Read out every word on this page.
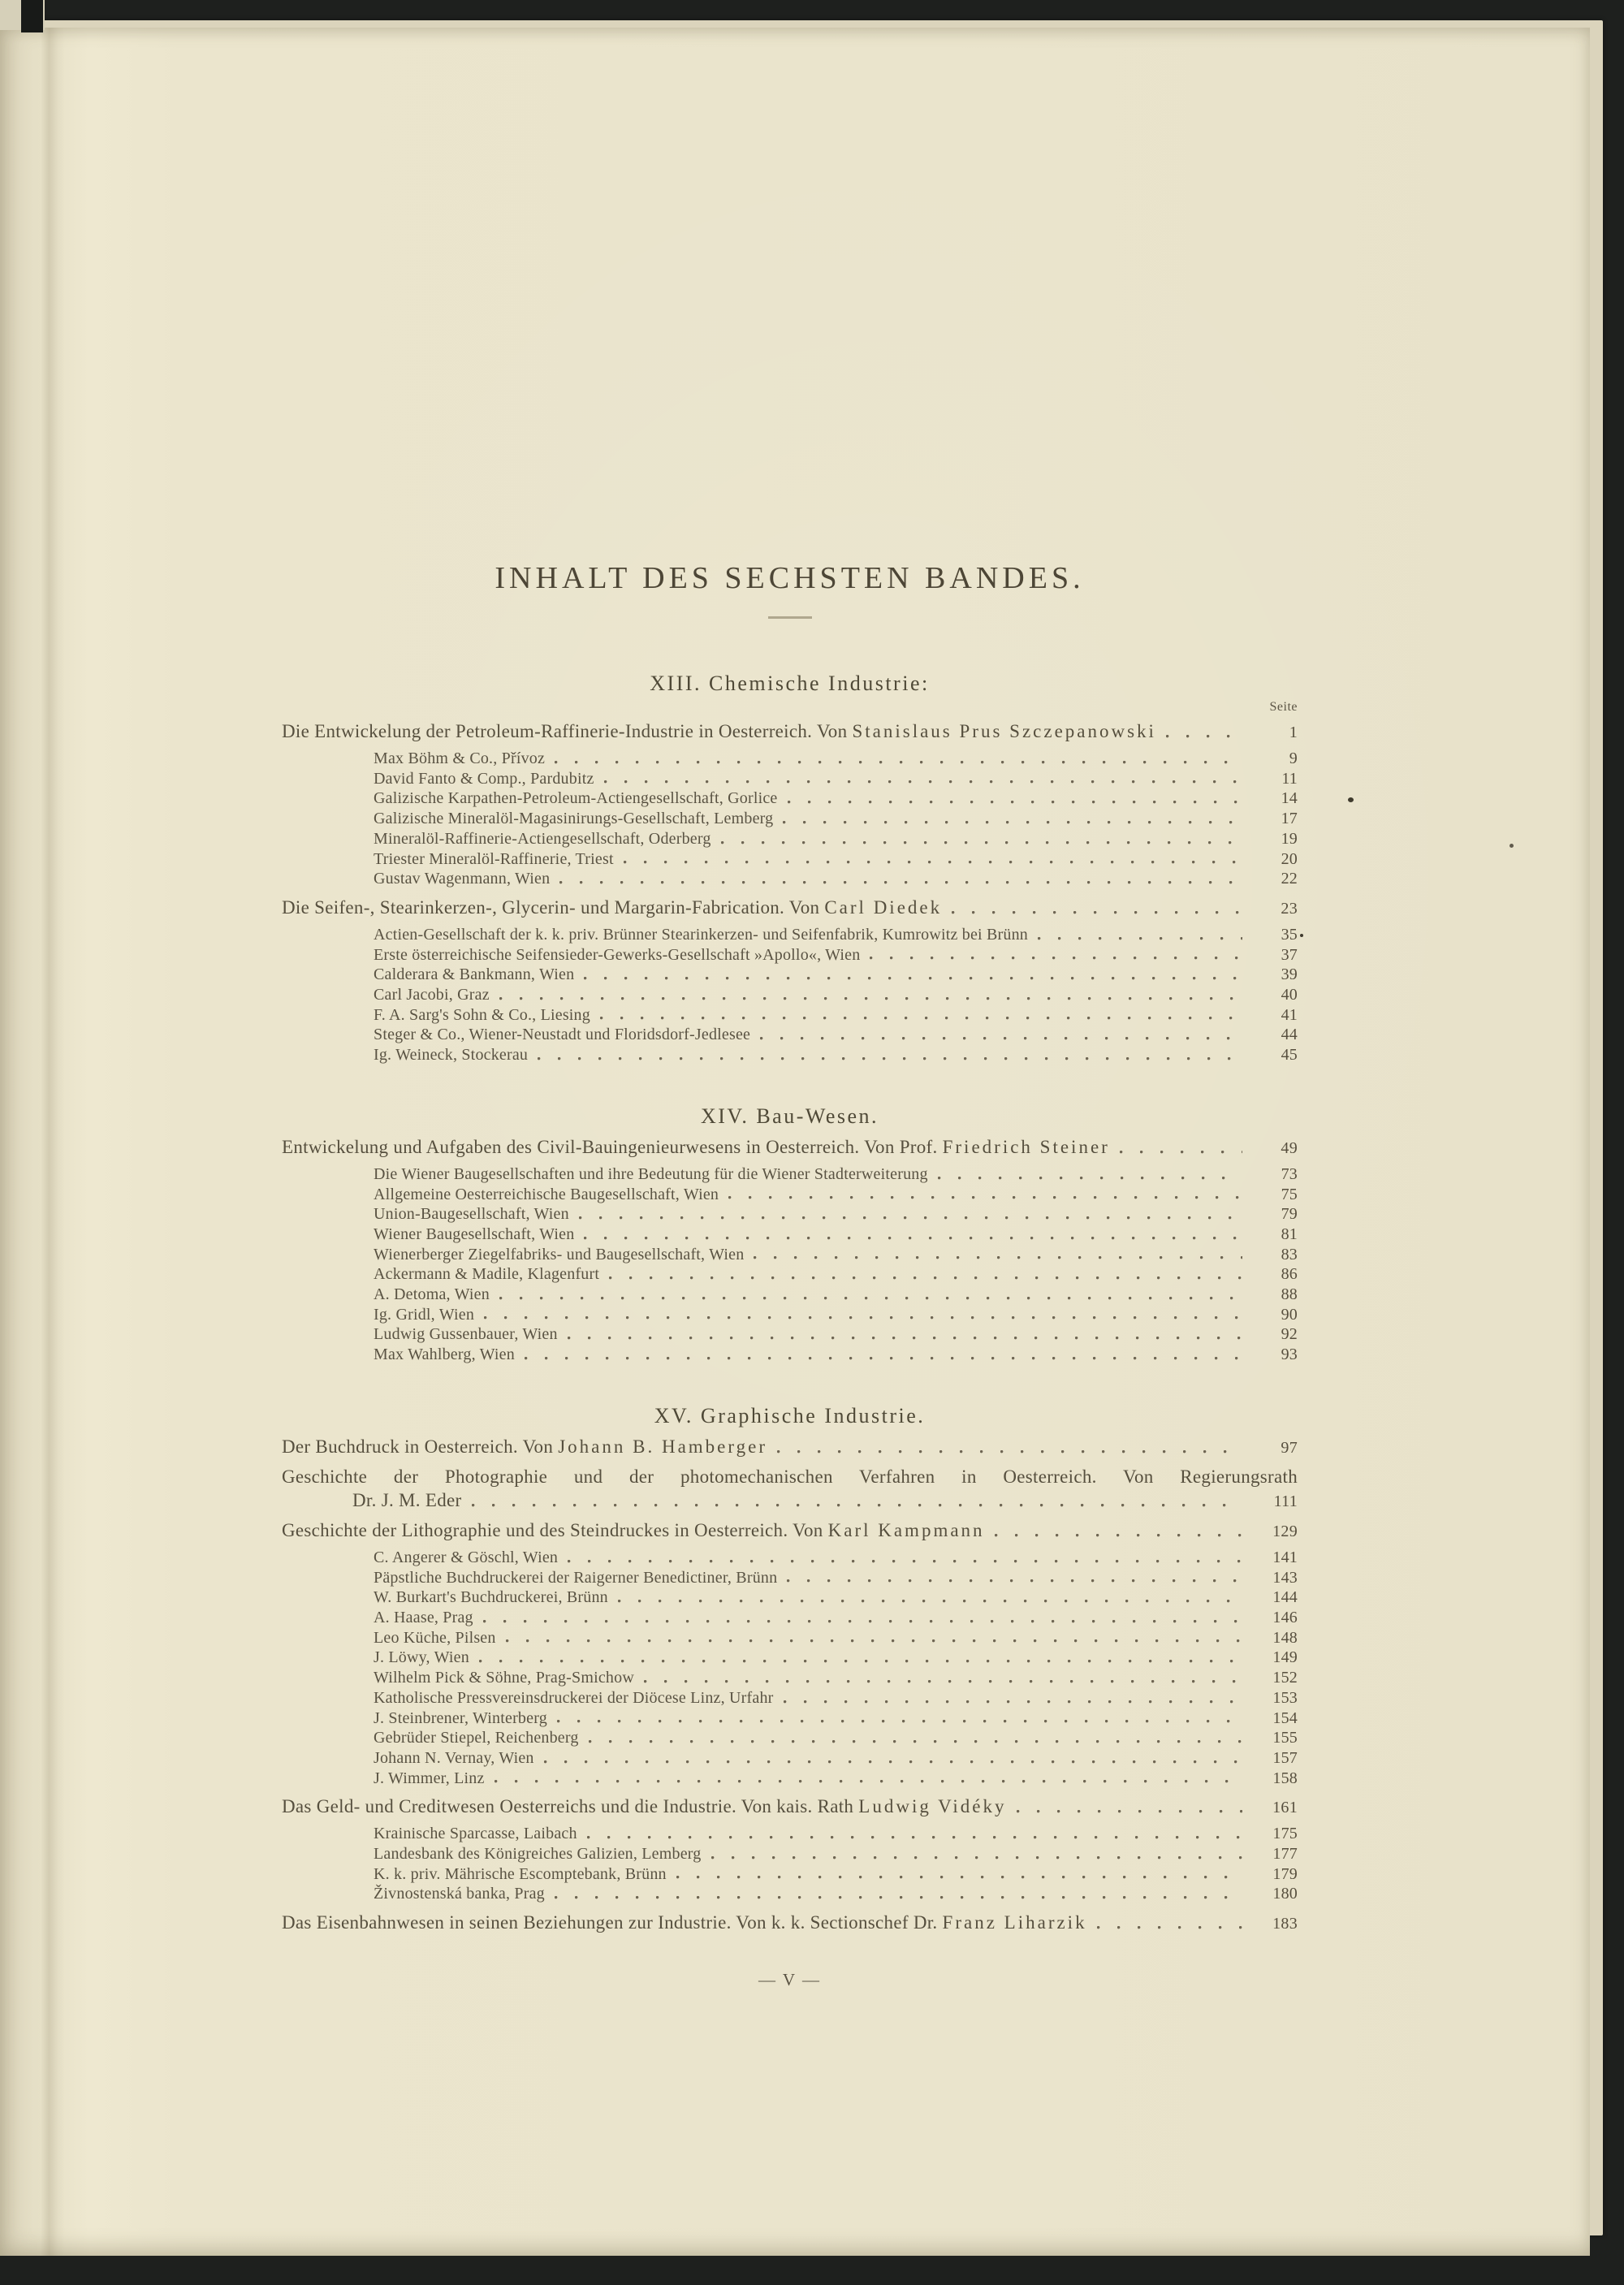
INHALT DES SECHSTEN BANDES.
XIII. Chemische Industrie:
Seite
Die Entwickelung der Petroleum-Raffinerie-Industrie in Oesterreich. Von Stanislaus Prus Szczepanowski	1
Max Böhm & Co., Přívoz	9
David Fanto & Comp., Pardubitz	11
Galizische Karpathen-Petroleum-Actiengesellschaft, Gorlice	14
Galizische Mineralöl-Magasinirungs-Gesellschaft, Lemberg	17
Mineralöl-Raffinerie-Actiengesellschaft, Oderberg	19
Triester Mineralöl-Raffinerie, Triest	20
Gustav Wagenmann, Wien	22
Die Seifen-, Stearinkerzen-, Glycerin- und Margarin-Fabrication. Von Carl Diedek	23
Actien-Gesellschaft der k. k. priv. Brünner Stearinkerzen- und Seifenfabrik, Kumrowitz bei Brünn	35
Erste österreichische Seifensieder-Gewerks-Gesellschaft »Apollo«, Wien	37
Calderara & Bankmann, Wien	39
Carl Jacobi, Graz	40
F. A. Sarg's Sohn & Co., Liesing	41
Steger & Co., Wiener-Neustadt und Floridsdorf-Jedlesee	44
Ig. Weineck, Stockerau	45
XIV. Bau-Wesen.
Entwickelung und Aufgaben des Civil-Bauingenieurwesens in Oesterreich. Von Prof. Friedrich Steiner	49
Die Wiener Baugesellschaften und ihre Bedeutung für die Wiener Stadterweiterung	73
Allgemeine Oesterreichische Baugesellschaft, Wien	75
Union-Baugesellschaft, Wien	79
Wiener Baugesellschaft, Wien	81
Wienerberger Ziegelfabriks- und Baugesellschaft, Wien	83
Ackermann & Madile, Klagenfurt	86
A. Detoma, Wien	88
Ig. Gridl, Wien	90
Ludwig Gussenbauer, Wien	92
Max Wahlberg, Wien	93
XV. Graphische Industrie.
Der Buchdruck in Oesterreich. Von Johann B. Hamberger	97
Geschichte der Photographie und der photomechanischen Verfahren in Oesterreich. Von Regierungsrath
Dr. J. M. Eder	111
Geschichte der Lithographie und des Steindruckes in Oesterreich. Von Karl Kampmann	129
C. Angerer & Göschl, Wien	141
Päpstliche Buchdruckerei der Raigerner Benedictiner, Brünn	143
W. Burkart's Buchdruckerei, Brünn	144
A. Haase, Prag	146
Leo Küche, Pilsen	148
J. Löwy, Wien	149
Wilhelm Pick & Söhne, Prag-Smichow	152
Katholische Pressvereinsdruckerei der Diöcese Linz, Urfahr	153
J. Steinbrener, Winterberg	154
Gebrüder Stiepel, Reichenberg	155
Johann N. Vernay, Wien	157
J. Wimmer, Linz	158
Das Geld- und Creditwesen Oesterreichs und die Industrie. Von kais. Rath Ludwig Vidéky	161
Krainische Sparcasse, Laibach	175
Landesbank des Königreiches Galizien, Lemberg	177
K. k. priv. Mährische Escomptebank, Brünn	179
Živnostenská banka, Prag	180
Das Eisenbahnwesen in seinen Beziehungen zur Industrie. Von k. k. Sectionschef Dr. Franz Liharzik	183
— V —
